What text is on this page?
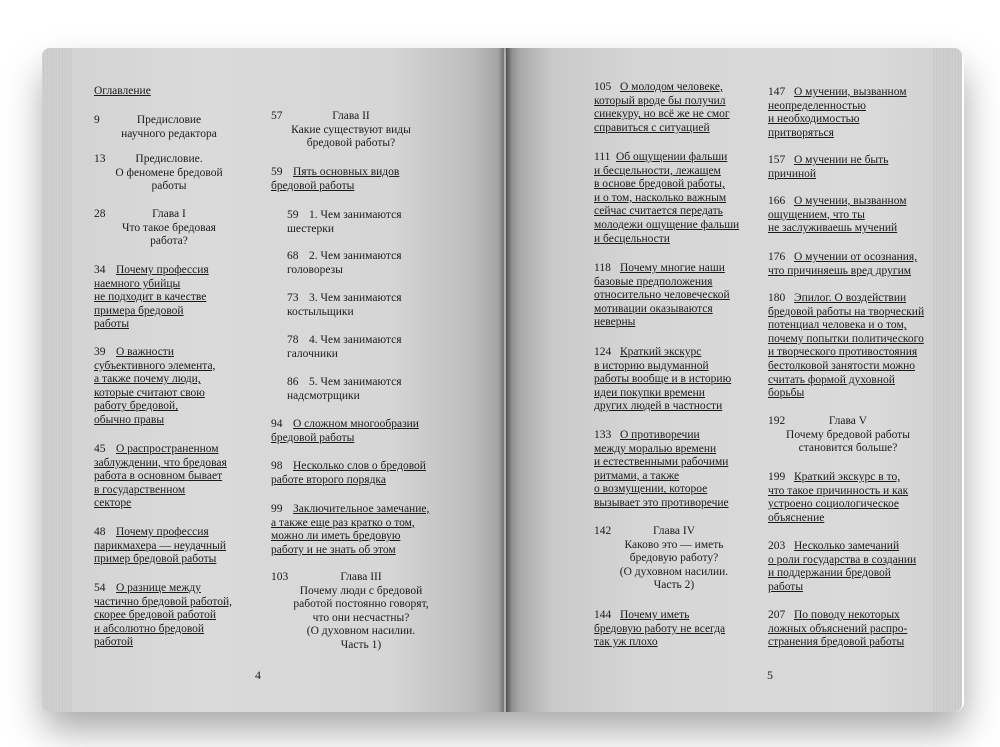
Оглавление
9	Предисловие
научного редактора
13	Предисловие.
О феномене бредовой
работы
28	Глава I
Что такое бредовая
работа?
34 Почему профессия
наемного убийцы
не подходит в качестве
примера бредовой
работы
39 О важности
субъективного элемента,
а также почему люди,
которые считают свою
работу бредовой,
обычно правы
45 О распространенном
заблуждении, что бредовая
работа в основном бывает
в государственном
секторе
48 Почему профессия
парикмахера — неудачный
пример бредовой работы
54 О разнице между
частично бредовой работой,
скорее бредовой работой
и абсолютно бредовой
работой
57	Глава II
Какие существуют виды
бредовой работы?
59 Пять основных видов
бредовой работы
59 1. Чем занимаются
шестерки
68 2. Чем занимаются
головорезы
73 3. Чем занимаются
костыльщики
78 4. Чем занимаются
галочники
86 5. Чем занимаются
надсмотрщики
94 О сложном многообразии
бредовой работы
98 Несколько слов о бредовой
работе второго порядка
99 Заключительное замечание,
а также еще раз кратко о том,
можно ли иметь бредовую
работу и не знать об этом
103	Глава III
Почему люди с бредовой
работой постоянно говорят,
что они несчастны?
(О духовном насилии.
Часть 1)
4
105 О молодом человеке,
который вроде бы получил
синекуру, но всё же не смог
справиться с ситуацией
111 Об ощущении фальши
и бесцельности, лежащем
в основе бредовой работы,
и о том, насколько важным
сейчас считается передать
молодежи ощущение фальши
и бесцельности
118 Почему многие наши
базовые предположения
относительно человеческой
мотивации оказываются
неверны
124 Краткий экскурс
в историю выдуманной
работы вообще и в историю
идеи покупки времени
других людей в частности
133 О противоречии
между моралью времени
и естественными рабочими
ритмами, а также
о возмущении, которое
вызывает это противоречие
142	Глава IV
Каково это — иметь
бредовую работу?
(О духовном насилии.
Часть 2)
144 Почему иметь
бредовую работу не всегда
так уж плохо
147 О мучении, вызванном
неопределенностью
и необходимостью
притворяться
157 О мучении не быть
причиной
166 О мучении, вызванном
ощущением, что ты
не заслуживаешь мучений
176 О мучении от осознания,
что причиняешь вред другим
180 Эпилог. О воздействии
бредовой работы на творческий
потенциал человека и о том,
почему попытки политического
и творческого противостояния
бестолковой занятости можно
считать формой духовной
борьбы
192	Глава V
Почему бредовой работы
становится больше?
199 Краткий экскурс в то,
что такое причинность и как
устроено социологическое
объяснение
203 Несколько замечаний
о роли государства в создании
и поддержании бредовой
работы
207 По поводу некоторых
ложных объяснений распро-
странения бредовой работы
5
